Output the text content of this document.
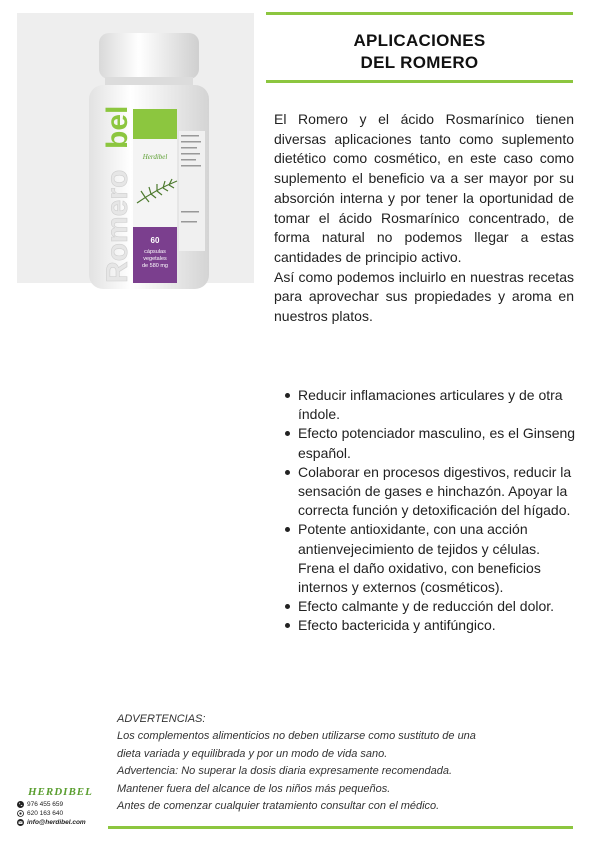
Romero
bel
Herdibel
60
cápsulas
vegetales
de 580 mg
APLICACIONES
DEL ROMERO

El Romero y el ácido Rosmarínico tienen diversas aplicaciones tanto como suplemento dietético como cosmético, en este caso como suplemento el beneficio va a ser mayor por su absorción interna y por tener la oportunidad de tomar el ácido Rosmarínico concentrado, de forma natural no podemos llegar a estas cantidades de principio activo.

Así como podemos incluirlo en nuestras recetas para aprovechar sus propiedades y aroma en nuestros platos.

Reducir inflamaciones articulares y de otra índole.
Efecto potenciador masculino, es el Ginseng español.
Colaborar en procesos digestivos, reducir la sensación de gases e hinchazón. Apoyar la correcta función y detoxificación del hígado.
Potente antioxidante, con una acción antienvejecimiento de tejidos y células. Frena el daño oxidativo, con beneficios internos y externos (cosméticos).
Efecto calmante y de reducción del dolor.
Efecto bactericida y antifúngico.
ADVERTENCIAS:
Los complementos alimenticios no deben utilizarse como sustituto de una
dieta variada y equilibrada y por un modo de vida sano.
Advertencia: No superar la dosis diaria expresamente recomendada.
Mantener fuera del alcance de los niños más pequeños.
Antes de comenzar cualquier tratamiento consultar con el médico.
HERDIBEL
976 455 659
620 163 640
info@herdibel.com
